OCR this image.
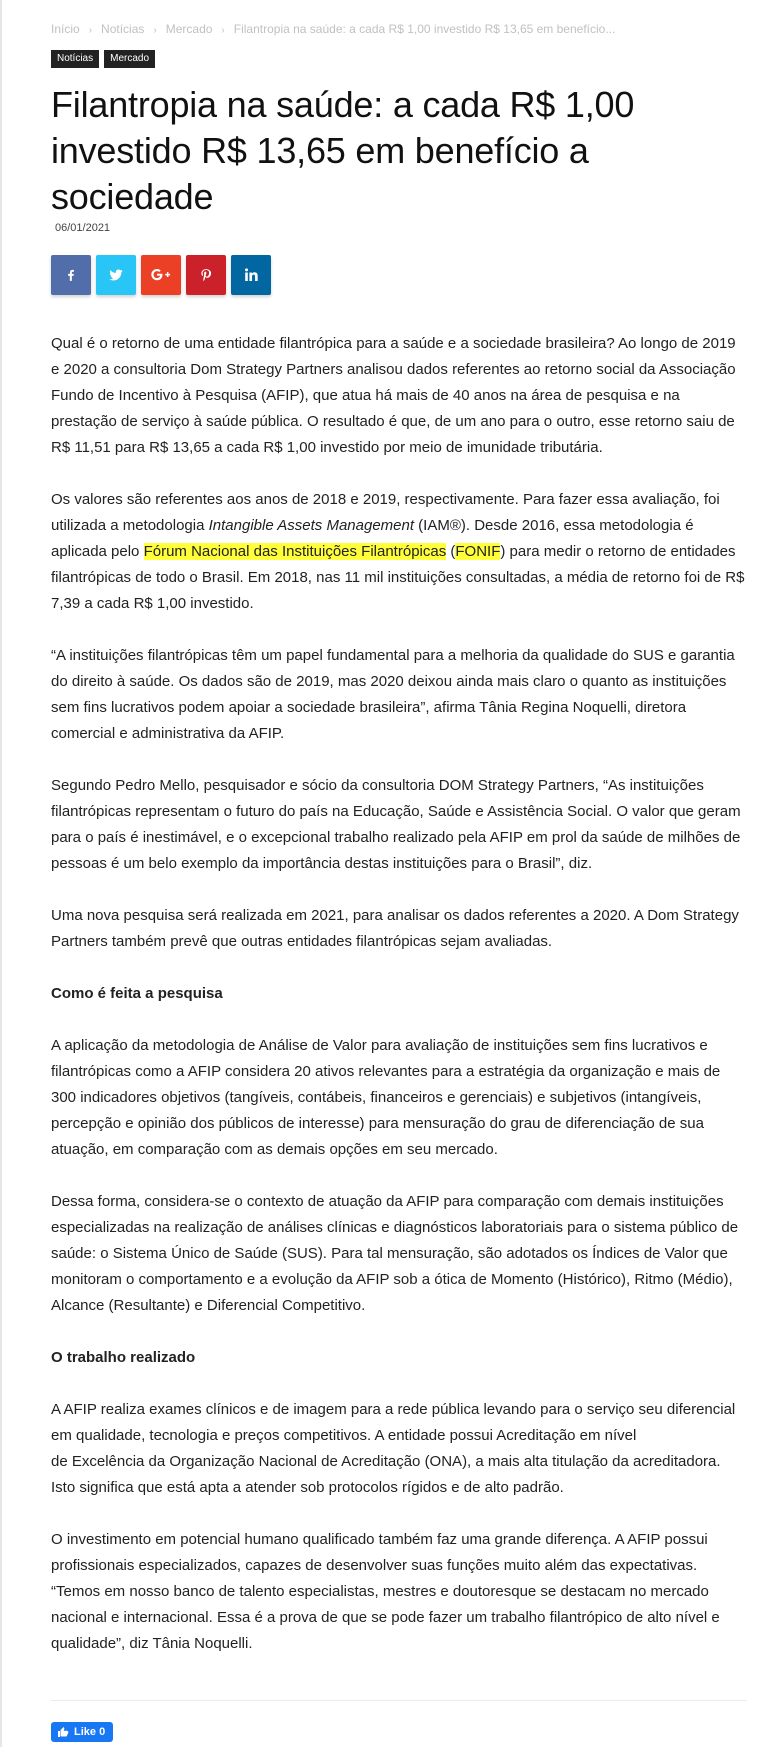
Início › Notícias › Mercado › Filantropia na saúde: a cada R$ 1,00 investido R$ 13,65 em benefício...
Notícias	Mercado
Filantropia na saúde: a cada R$ 1,00 investido R$ 13,65 em benefício a sociedade
06/01/2021

Qual é o retorno de uma entidade filantrópica para a saúde e a sociedade brasileira? Ao longo de 2019 e 2020 a consultoria Dom Strategy Partners analisou dados referentes ao retorno social da Associação Fundo de Incentivo à Pesquisa (AFIP), que atua há mais de 40 anos na área de pesquisa e na prestação de serviço à saúde pública. O resultado é que, de um ano para o outro, esse retorno saiu de R$ 11,51 para R$ 13,65 a cada R$ 1,00 investido por meio de imunidade tributária.

Os valores são referentes aos anos de 2018 e 2019, respectivamente. Para fazer essa avaliação, foi utilizada a metodologia Intangible Assets Management (IAM®). Desde 2016, essa metodologia é aplicada pelo Fórum Nacional das Instituições Filantrópicas (FONIF) para medir o retorno de entidades filantrópicas de todo o Brasil. Em 2018, nas 11 mil instituições consultadas, a média de retorno foi de R$ 7,39 a cada R$ 1,00 investido.

“A instituições filantrópicas têm um papel fundamental para a melhoria da qualidade do SUS e garantia do direito à saúde. Os dados são de 2019, mas 2020 deixou ainda mais claro o quanto as instituições sem fins lucrativos podem apoiar a sociedade brasileira”, afirma Tânia Regina Noquelli, diretora comercial e administrativa da AFIP.

Segundo Pedro Mello, pesquisador e sócio da consultoria DOM Strategy Partners, “As instituições filantrópicas representam o futuro do país na Educação, Saúde e Assistência Social. O valor que geram para o país é inestimável, e o excepcional trabalho realizado pela AFIP em prol da saúde de milhões de pessoas é um belo exemplo da importância destas instituições para o Brasil”, diz.

Uma nova pesquisa será realizada em 2021, para analisar os dados referentes a 2020. A Dom Strategy Partners também prevê que outras entidades filantrópicas sejam avaliadas.

Como é feita a pesquisa

A aplicação da metodologia de Análise de Valor para avaliação de instituições sem fins lucrativos e filantrópicas como a AFIP considera 20 ativos relevantes para a estratégia da organização e mais de 300 indicadores objetivos (tangíveis, contábeis, financeiros e gerenciais) e subjetivos (intangíveis, percepção e opinião dos públicos de interesse) para mensuração do grau de diferenciação de sua atuação, em comparação com as demais opções em seu mercado.

Dessa forma, considera-se o contexto de atuação da AFIP para comparação com demais instituições especializadas na realização de análises clínicas e diagnósticos laboratoriais para o sistema público de saúde: o Sistema Único de Saúde (SUS). Para tal mensuração, são adotados os Índices de Valor que monitoram o comportamento e a evolução da AFIP sob a ótica de Momento (Histórico), Ritmo (Médio), Alcance (Resultante) e Diferencial Competitivo.

O trabalho realizado

A AFIP realiza exames clínicos e de imagem para a rede pública levando para o serviço seu diferencial em qualidade, tecnologia e preços competitivos. A entidade possui Acreditação em nível
de Excelência da Organização Nacional de Acreditação (ONA), a mais alta titulação da acreditadora. Isto significa que está apta a atender sob protocolos rígidos e de alto padrão.

O investimento em potencial humano qualificado também faz uma grande diferença. A AFIP possui profissionais especializados, capazes de desenvolver suas funções muito além das expectativas. “Temos em nosso banco de talento especialistas, mestres e doutoresque se destacam no mercado nacional e internacional. Essa é a prova de que se pode fazer um trabalho filantrópico de alto nível e qualidade”, diz Tânia Noquelli.

Like 0
